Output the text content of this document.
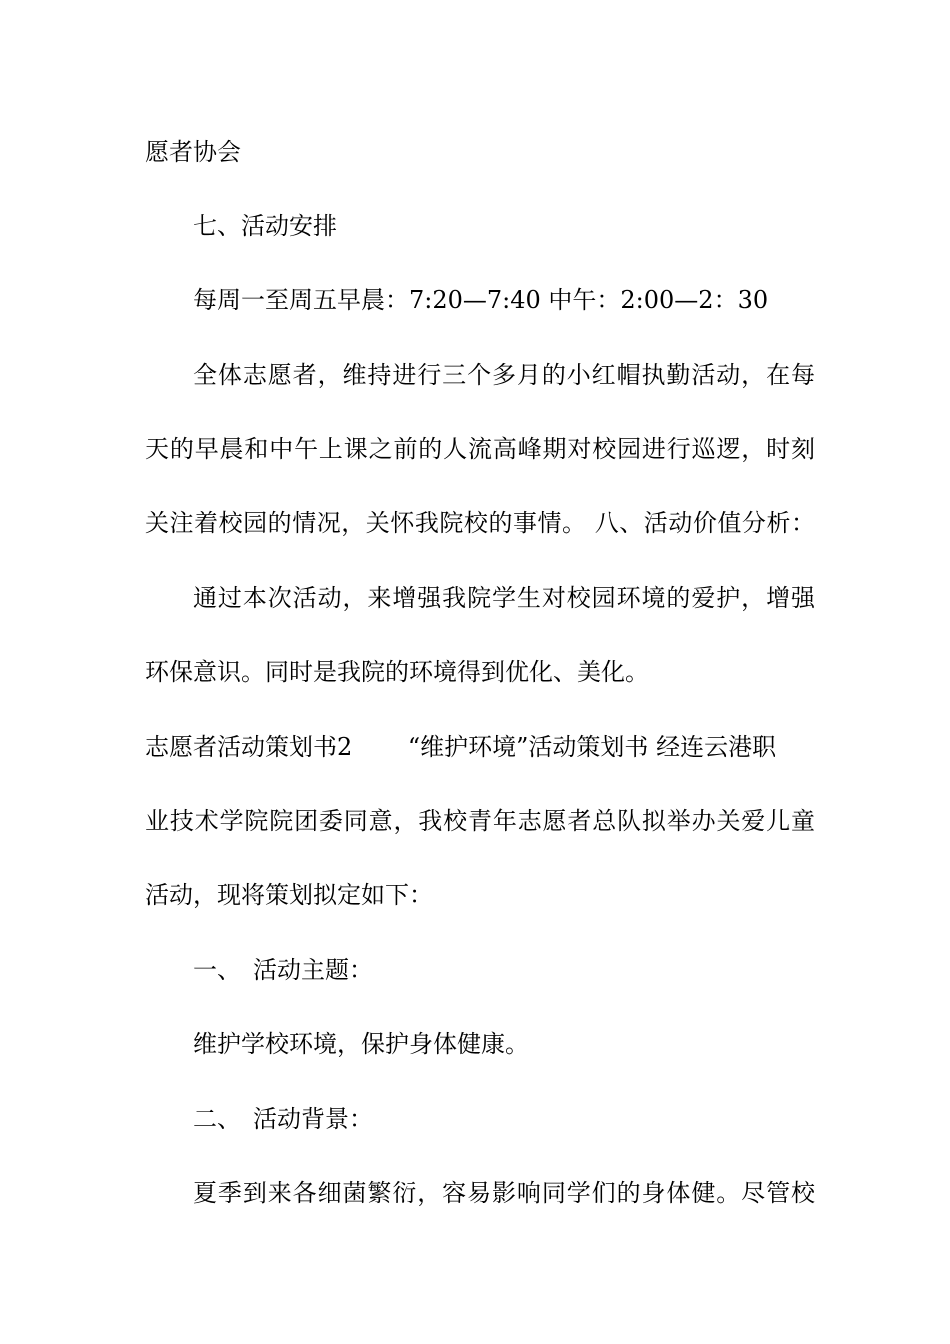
愿者协会
七、活动安排
每周一至周五早晨：7:20—7:40 中午：2:00—2：30
全体志愿者，维持进行三个多月的小红帽执勤活动，在每
天的早晨和中午上课之前的人流高峰期对校园进行巡逻，时刻
关注着校园的情况，关怀我院校的事情。 八、活动价值分析：
通过本次活动，来增强我院学生对校园环境的爱护，增强
环保意识。同时是我院的环境得到优化、美化。
志愿者活动策划书2　　 “维护环境”活动策划书 经连云港职
业技术学院院团委同意，我校青年志愿者总队拟举办关爱儿童
活动，现将策划拟定如下：
一、　活动主题：
维护学校环境，保护身体健康。
二、　活动背景：
夏季到来各细菌繁衍，容易影响同学们的身体健。尽管校
